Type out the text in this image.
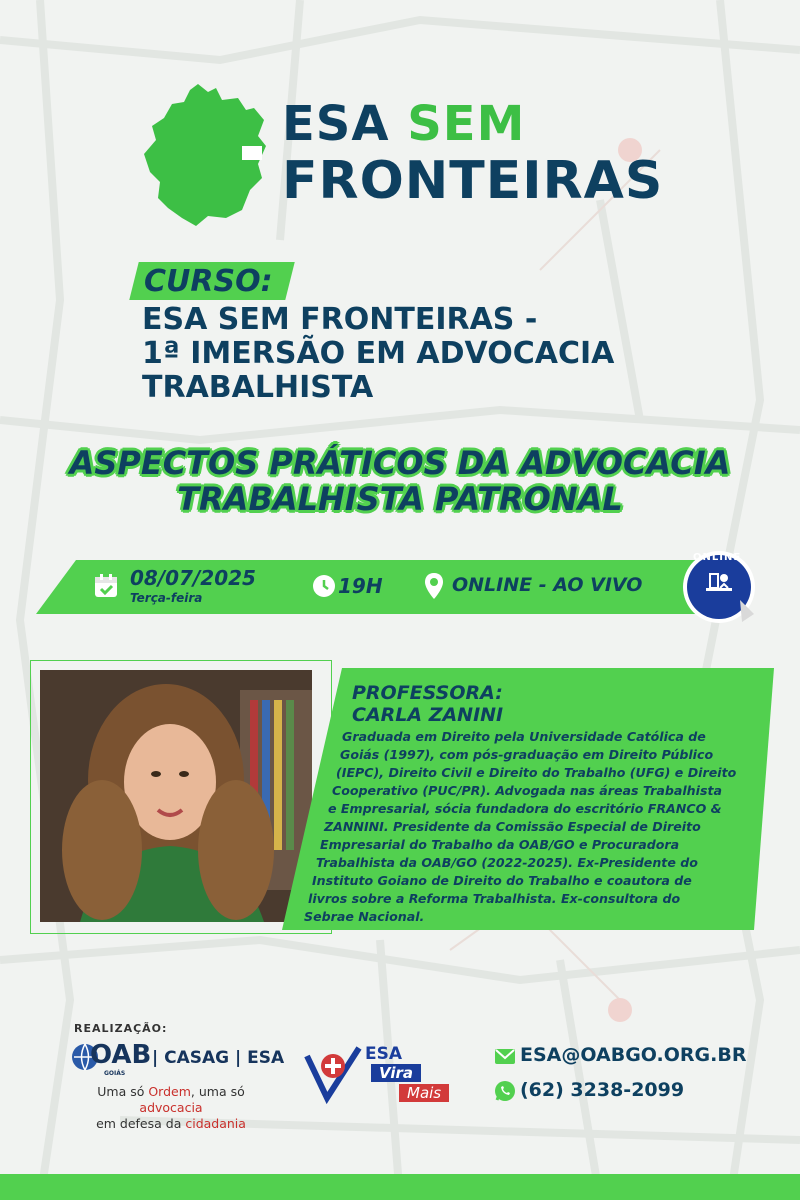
ESA SEM
FRONTEIRAS
CURSO:
ESA SEM FRONTEIRAS -
1ª IMERSÃO EM ADVOCACIA
TRABALHISTA
ASPECTOS PRÁTICOS DA ADVOCACIA
TRABALHISTA PATRONAL
08/07/2025
Terça-feira	19H	ONLINE - AO VIVO
ONLINE
PROFESSORA:
CARLA ZANINI
Graduada em Direito pela Universidade Católica de
Goiás (1997), com pós-graduação em Direito Público
(IEPC), Direito Civil e Direito do Trabalho (UFG) e Direito
Cooperativo (PUC/PR). Advogada nas áreas Trabalhista
e Empresarial, sócia fundadora do escritório FRANCO &
ZANNINI. Presidente da Comissão Especial de Direito
Empresarial do Trabalho da OAB/GO e Procuradora
Trabalhista da OAB/GO (2022-2025). Ex-Presidente do
Instituto Goiano de Direito do Trabalho e coautora de
livros sobre a Reforma Trabalhista. Ex-consultora do
Sebrae Nacional.
REALIZAÇÃO:
OAB
GOIÁS
| CASAG | ESA
Uma só Ordem, uma só advocacia
em defesa da cidadania
ESA
Vira
Mais
ESA@OABGO.ORG.BR
(62) 3238-2099
